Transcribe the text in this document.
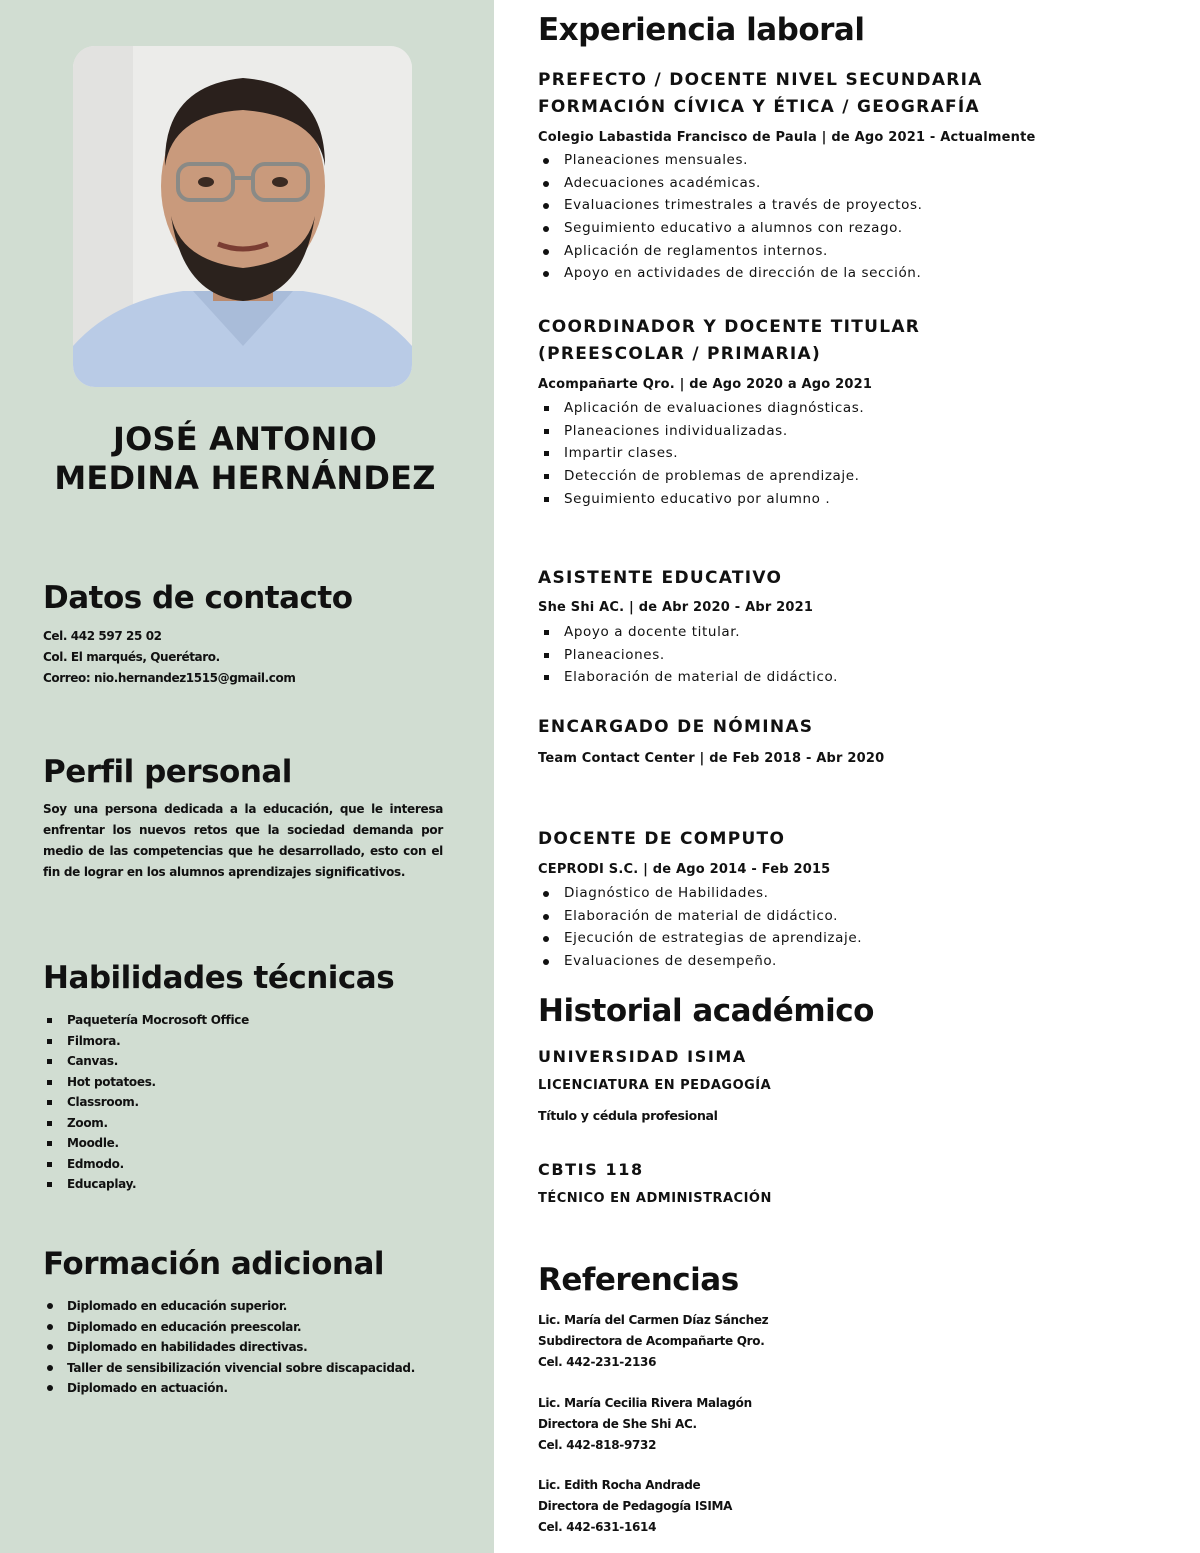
JOSÉ ANTONIO
MEDINA HERNÁNDEZ
Datos de contacto
Cel. 442 597 25 02
Col. El marqués, Querétaro.
Correo: nio.hernandez1515@gmail.com
Perfil personal
Soy una persona dedicada a la educación, que le interesa enfrentar los nuevos retos que la sociedad demanda por medio de las competencias que he desarrollado, esto con el fin de lograr en los alumnos aprendizajes significativos.
Habilidades técnicas
Paquetería Mocrosoft Office
Filmora.
Canvas.
Hot potatoes.
Classroom.
Zoom.
Moodle.
Edmodo.
Educaplay.
Formación adicional
Diplomado en educación superior.
Diplomado en educación preescolar.
Diplomado en habilidades directivas.
Taller de sensibilización vivencial sobre discapacidad.
Diplomado en actuación.
Experiencia laboral
PREFECTO / DOCENTE NIVEL SECUNDARIA
FORMACIÓN CÍVICA Y ÉTICA / GEOGRAFÍA
Colegio Labastida Francisco de Paula | de Ago 2021 - Actualmente
Planeaciones mensuales.
Adecuaciones académicas.
Evaluaciones trimestrales a través de proyectos.
Seguimiento educativo a alumnos con rezago.
Aplicación de reglamentos internos.
Apoyo en actividades de dirección de la sección.
COORDINADOR Y DOCENTE TITULAR
(PREESCOLAR / PRIMARIA)
Acompañarte Qro. | de Ago 2020 a Ago 2021
Aplicación de evaluaciones diagnósticas.
Planeaciones individualizadas.
Impartir clases.
Detección de problemas de aprendizaje.
Seguimiento educativo por alumno .
ASISTENTE EDUCATIVO
She Shi AC. | de Abr 2020 - Abr 2021
Apoyo a docente titular.
Planeaciones.
Elaboración de material de didáctico.
ENCARGADO DE NÓMINAS
Team Contact Center | de Feb 2018 - Abr 2020
DOCENTE DE COMPUTO
CEPRODI S.C. | de Ago 2014 - Feb 2015
Diagnóstico de Habilidades.
Elaboración de material de didáctico.
Ejecución de estrategias de aprendizaje.
Evaluaciones de desempeño.
Historial académico
UNIVERSIDAD ISIMA
LICENCIATURA EN PEDAGOGÍA
Título y cédula profesional
CBTIS 118
TÉCNICO EN ADMINISTRACIÓN
Referencias
Lic. María del Carmen Díaz Sánchez
Subdirectora de Acompañarte Qro.
Cel. 442-231-2136
Lic. María Cecilia Rivera Malagón
Directora de She Shi AC.
Cel. 442-818-9732
Lic. Edith Rocha Andrade
Directora de Pedagogía ISIMA
Cel. 442-631-1614
